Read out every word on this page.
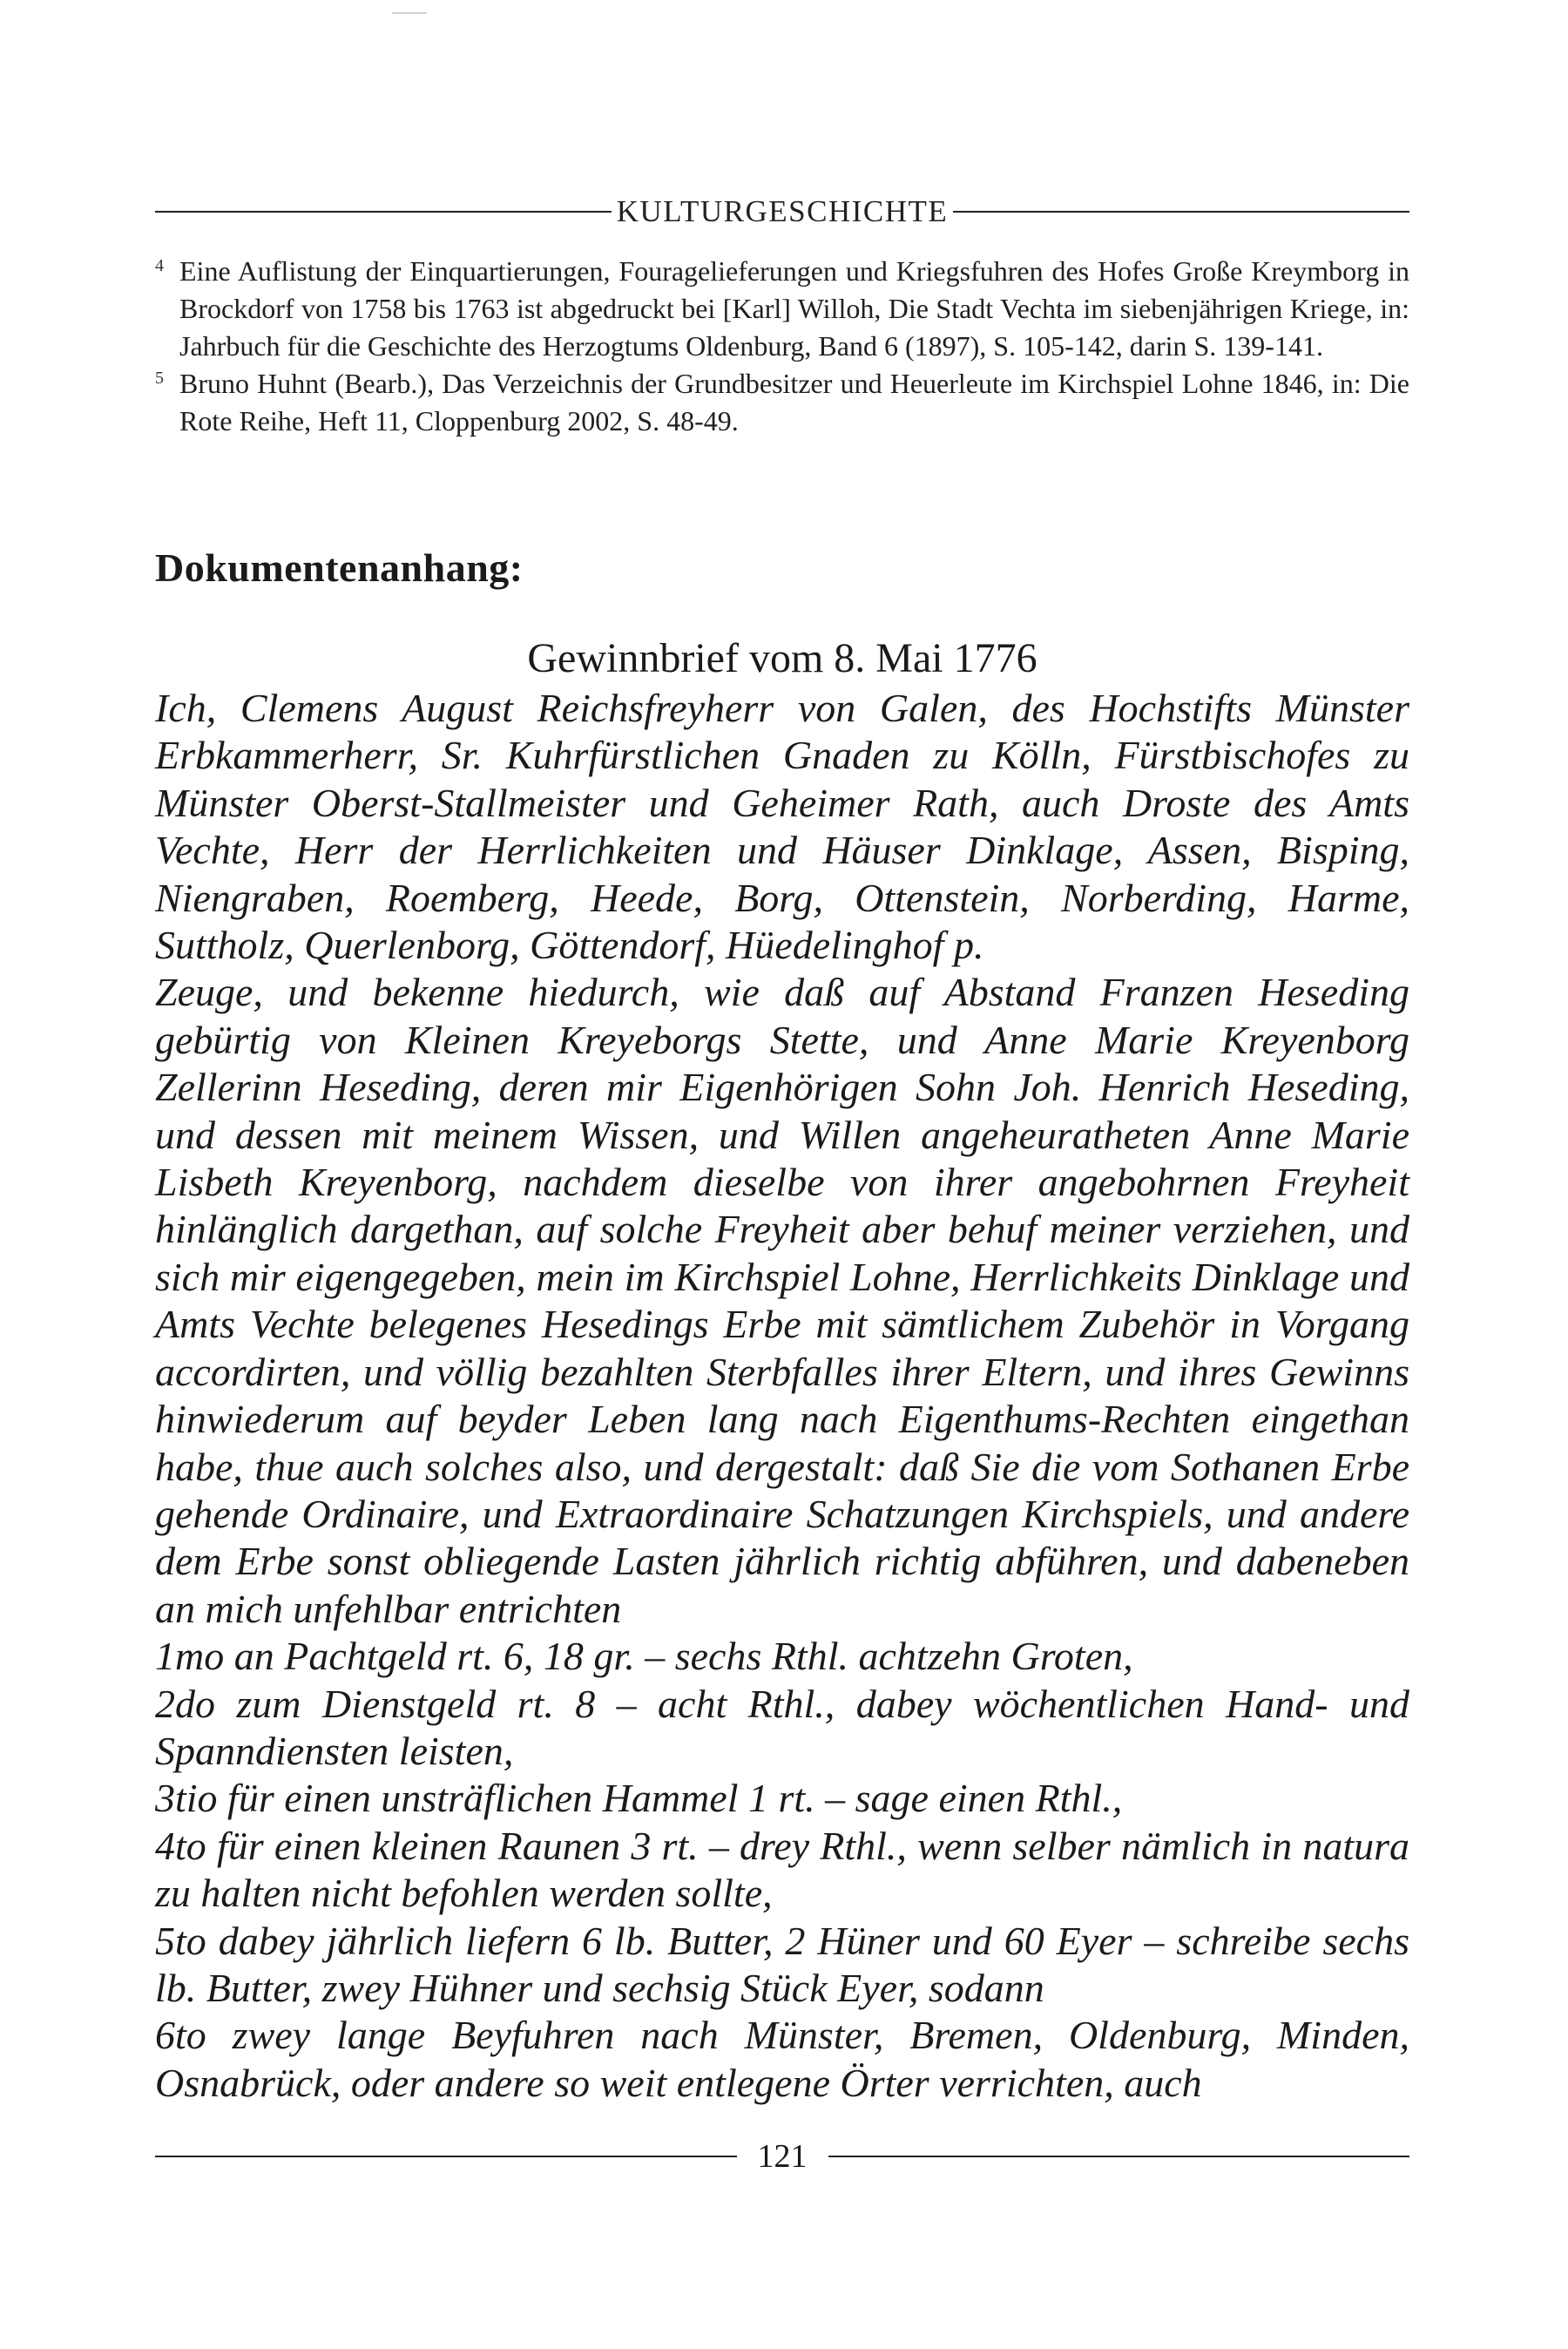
KULTURGESCHICHTE
4 Eine Auflistung der Einquartierungen, Fouragelieferungen und Kriegsfuhren des Hofes Große Kreymborg in Brockdorf von 1758 bis 1763 ist abgedruckt bei [Karl] Willoh, Die Stadt Vechta im siebenjährigen Kriege, in: Jahrbuch für die Geschichte des Herzogtums Oldenburg, Band 6 (1897), S. 105-142, darin S. 139-141.
5 Bruno Huhnt (Bearb.), Das Verzeichnis der Grundbesitzer und Heuerleute im Kirchspiel Lohne 1846, in: Die Rote Reihe, Heft 11, Cloppenburg 2002, S. 48-49.
Dokumentenanhang:
Gewinnbrief vom 8. Mai 1776

Ich, Clemens August Reichsfreyherr von Galen, des Hochstifts Münster Erbkammerherr, Sr. Kuhrfürstlichen Gnaden zu Kölln, Fürstbischofes zu Münster Oberst-Stallmeister und Geheimer Rath, auch Droste des Amts Vechte, Herr der Herrlichkeiten und Häuser Dinklage, Assen, Bisping, Niengraben, Roemberg, Heede, Borg, Ottenstein, Norberding, Harme, Suttholz, Querlenborg, Göttendorf, Hüedelinghof p.

Zeuge, und bekenne hiedurch, wie daß auf Abstand Franzen Heseding gebürtig von Kleinen Kreyeborgs Stette, und Anne Marie Kreyenborg Zellerinn Heseding, deren mir Eigenhörigen Sohn Joh. Henrich Heseding, und dessen mit meinem Wissen, und Willen angeheuratheten Anne Marie Lisbeth Kreyenborg, nachdem dieselbe von ihrer angebohrnen Freyheit hinlänglich dargethan, auf solche Freyheit aber behuf meiner verziehen, und sich mir eigengegeben, mein im Kirchspiel Lohne, Herrlichkeits Dinklage und Amts Vechte belegenes Hesedings Erbe mit sämtlichem Zubehör in Vorgang accordirten, und völlig bezahlten Sterbfalles ihrer Eltern, und ihres Gewinns hinwiederum auf beyder Leben lang nach Eigenthums-Rechten eingethan habe, thue auch solches also, und dergestalt: daß Sie die vom Sothanen Erbe gehende Ordinaire, und Extraordinaire Schatzungen Kirchspiels, und andere dem Erbe sonst obliegende Lasten jährlich richtig abführen, und dabeneben an mich unfehlbar entrichten

1mo an Pachtgeld rt. 6, 18 gr. – sechs Rthl. achtzehn Groten,

2do zum Dienstgeld rt. 8 – acht Rthl., dabey wöchentlichen Hand- und Spanndiensten leisten,

3tio für einen unsträflichen Hammel 1 rt. – sage einen Rthl.,

4to für einen kleinen Raunen 3 rt. – drey Rthl., wenn selber nämlich in natura zu halten nicht befohlen werden sollte,

5to dabey jährlich liefern 6 lb. Butter, 2 Hüner und 60 Eyer – schreibe sechs lb. Butter, zwey Hühner und sechsig Stück Eyer, sodann

6to zwey lange Beyfuhren nach Münster, Bremen, Oldenburg, Minden, Osnabrück, oder andere so weit entlegene Örter verrichten, auch

121
